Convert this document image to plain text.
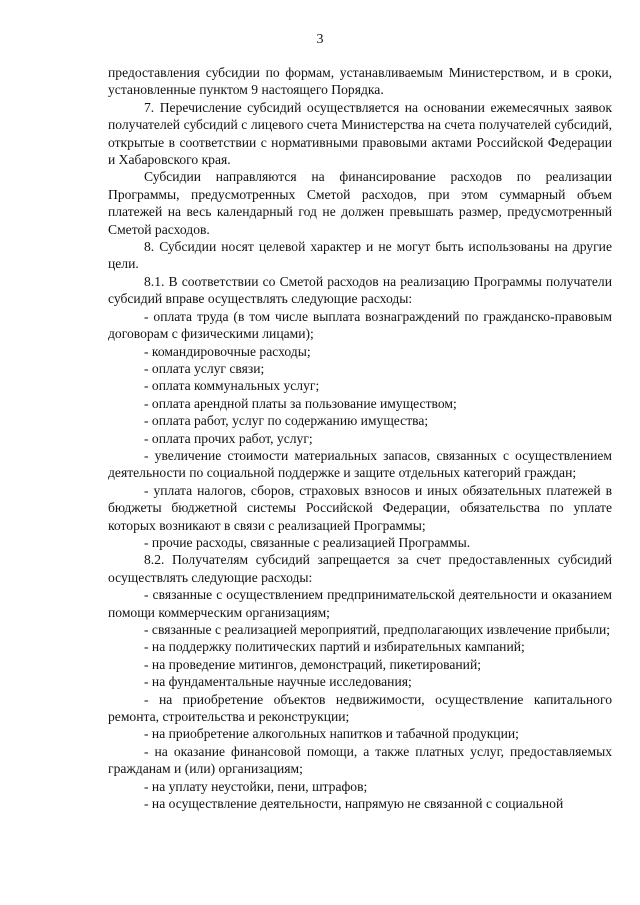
3

предоставления субсидии по формам, устанавливаемым Министерством, и в сроки, установленные пунктом 9 настоящего Порядка.

7. Перечисление субсидий осуществляется на основании ежемесячных заявок получателей субсидий с лицевого счета Министерства на счета получателей субсидий, открытые в соответствии с нормативными правовыми актами Российской Федерации и Хабаровского края.

Субсидии направляются на финансирование расходов по реализации Программы, предусмотренных Сметой расходов, при этом суммарный объем платежей на весь календарный год не должен превышать размер, предусмотренный Сметой расходов.

8. Субсидии носят целевой характер и не могут быть использованы на другие цели.

8.1. В соответствии со Сметой расходов на реализацию Программы получатели субсидий вправе осуществлять следующие расходы:

- оплата труда (в том числе выплата вознаграждений по гражданско-правовым договорам с физическими лицами);
- командировочные расходы;
- оплата услуг связи;
- оплата коммунальных услуг;
- оплата арендной платы за пользование имуществом;
- оплата работ, услуг по содержанию имущества;
- оплата прочих работ, услуг;
- увеличение стоимости материальных запасов, связанных с осуществлением деятельности по социальной поддержке и защите отдельных категорий граждан;
- уплата налогов, сборов, страховых взносов и иных обязательных платежей в бюджеты бюджетной системы Российской Федерации, обязательства по уплате которых возникают в связи с реализацией Программы;
- прочие расходы, связанные с реализацией Программы.

8.2. Получателям субсидий запрещается за счет предоставленных субсидий осуществлять следующие расходы:

- связанные с осуществлением предпринимательской деятельности и оказанием помощи коммерческим организациям;
- связанные с реализацией мероприятий, предполагающих извлечение прибыли;
- на поддержку политических партий и избирательных кампаний;
- на проведение митингов, демонстраций, пикетирований;
- на фундаментальные научные исследования;
- на приобретение объектов недвижимости, осуществление капитального ремонта, строительства и реконструкции;
- на приобретение алкогольных напитков и табачной продукции;
- на оказание финансовой помощи, а также платных услуг, предоставляемых гражданам и (или) организациям;
- на уплату неустойки, пени, штрафов;

- на осуществление деятельности, напрямую не связанной с социальной
